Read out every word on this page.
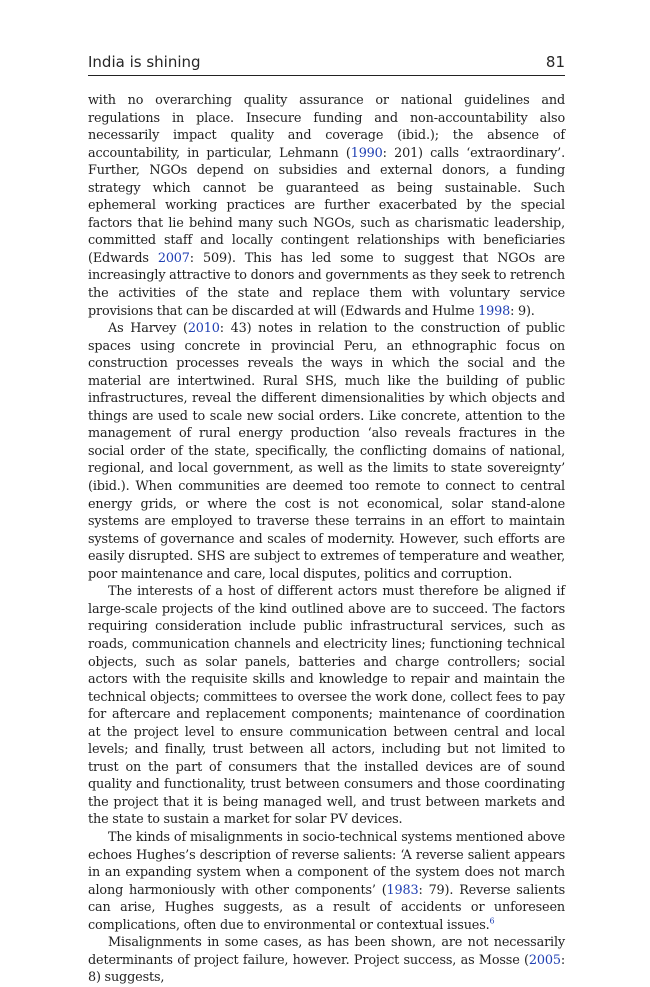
India is shining	81

with no overarching quality assurance or national guidelines and regulations in place. Insecure funding and non-accountability also necessarily impact quality and coverage (ibid.); the absence of accountability, in particular, Lehmann (1990: 201) calls ‘extraordinary’. Further, NGOs depend on subsidies and external donors, a funding strategy which cannot be guaranteed as being sustainable. Such ephemeral working practices are further exacerbated by the special factors that lie behind many such NGOs, such as charismatic leadership, committed staff and locally contingent relationships with beneficiaries (Edwards 2007: 509). This has led some to suggest that NGOs are increasingly attractive to donors and governments as they seek to retrench the activities of the state and replace them with voluntary service provisions that can be discarded at will (Edwards and Hulme 1998: 9).

As Harvey (2010: 43) notes in relation to the construction of public spaces using concrete in provincial Peru, an ethnographic focus on construction processes reveals the ways in which the social and the material are intertwined. Rural SHS, much like the building of public infrastructures, reveal the different dimensionalities by which objects and things are used to scale new social orders. Like concrete, attention to the management of rural energy production ‘also reveals fractures in the social order of the state, specifically, the conflicting domains of national, regional, and local government, as well as the limits to state sovereignty’ (ibid.). When communities are deemed too remote to connect to central energy grids, or where the cost is not economical, solar stand-alone systems are employed to traverse these terrains in an effort to maintain systems of governance and scales of modernity. However, such efforts are easily disrupted. SHS are subject to extremes of temperature and weather, poor maintenance and care, local disputes, politics and corruption.

The interests of a host of different actors must therefore be aligned if large-scale projects of the kind outlined above are to succeed. The factors requiring consideration include public infrastructural services, such as roads, communication channels and electricity lines; functioning technical objects, such as solar panels, batteries and charge controllers; social actors with the requisite skills and knowledge to repair and maintain the technical objects; committees to oversee the work done, collect fees to pay for aftercare and replacement components; maintenance of coordination at the project level to ensure communication between central and local levels; and finally, trust between all actors, including but not limited to trust on the part of consumers that the installed devices are of sound quality and functionality, trust between consumers and those coordinating the project that it is being managed well, and trust between markets and the state to sustain a market for solar PV devices.

The kinds of misalignments in socio-technical systems mentioned above echoes Hughes’s description of reverse salients: ‘A reverse salient appears in an expanding system when a component of the system does not march along harmoniously with other components’ (1983: 79). Reverse salients can arise, Hughes suggests, as a result of accidents or unforeseen complications, often due to environmental or contextual issues.$^6$

Misalignments in some cases, as has been shown, are not necessarily determinants of project failure, however. Project success, as Mosse (2005: 8) suggests,
